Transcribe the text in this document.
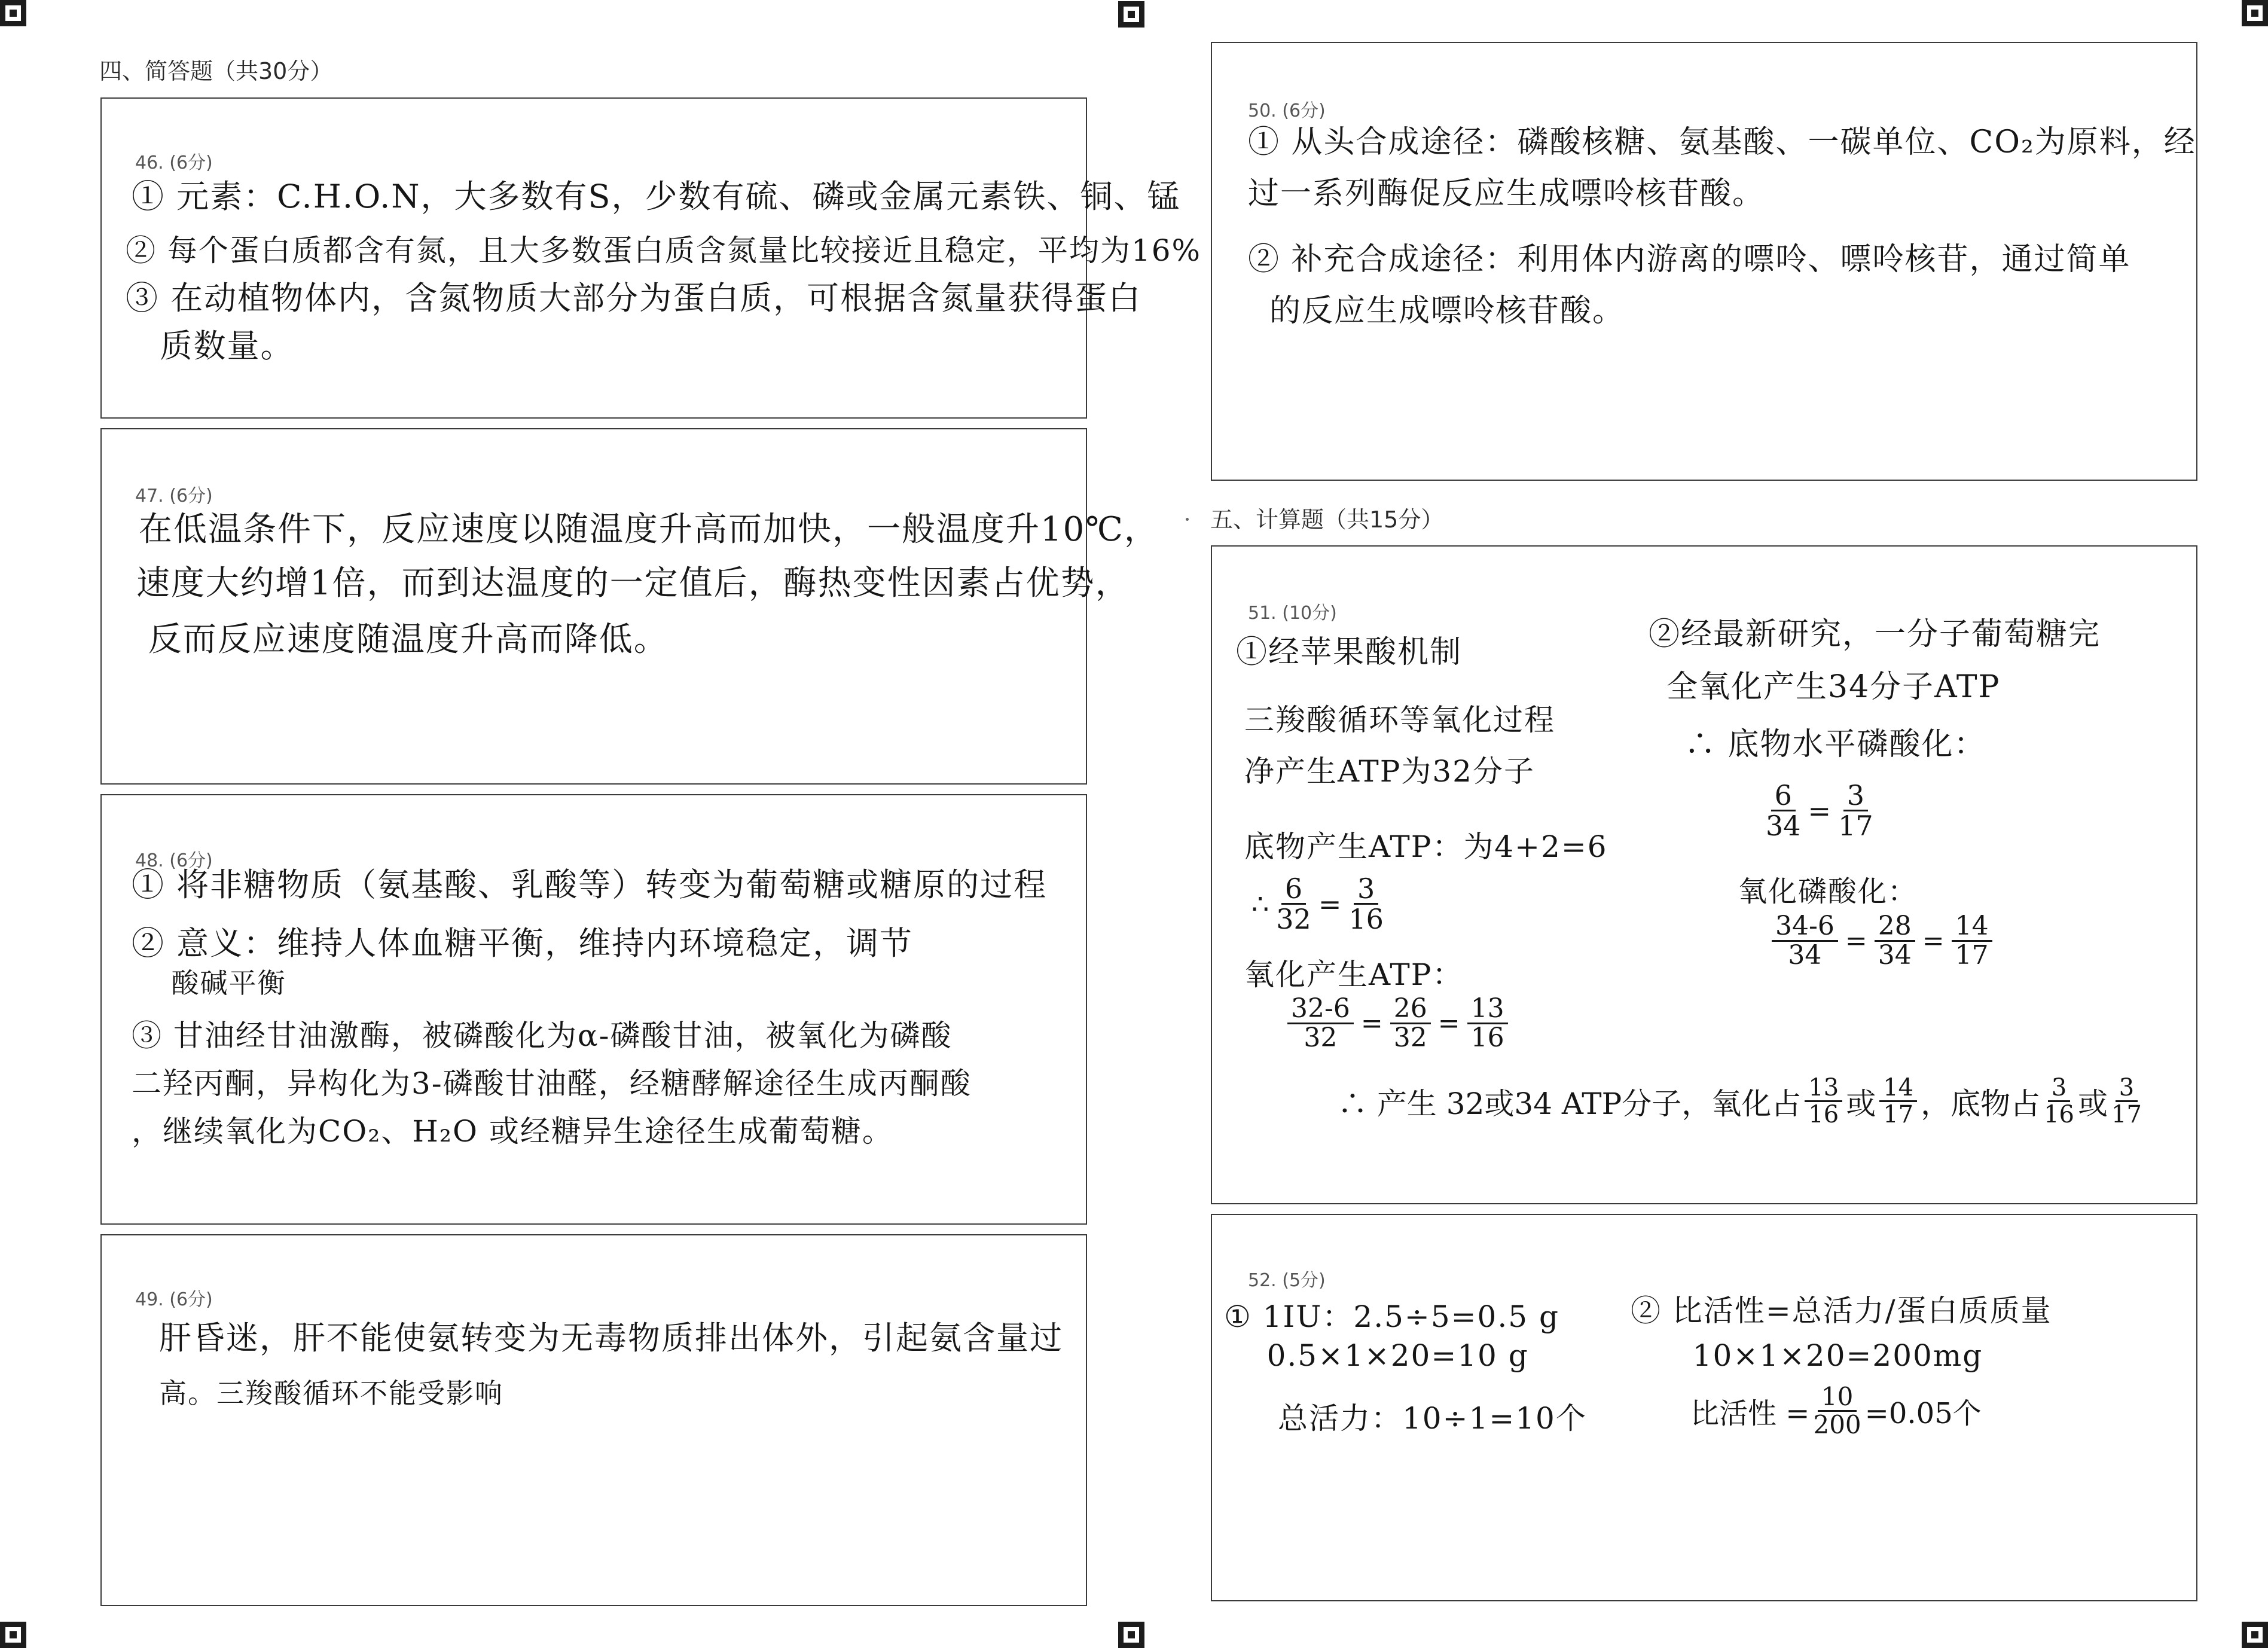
四、简答题（共30分）
五、计算题（共15分）
46. (6分)
① 元素：C.H.O.N，大多数有S，少数有硫、磷或金属元素铁、铜、锰
② 每个蛋白质都含有氮，且大多数蛋白质含氮量比较接近且稳定，平均为16%
③ 在动植物体内，含氮物质大部分为蛋白质，可根据含氮量获得蛋白
质数量。
47. (6分)
在低温条件下，反应速度以随温度升高而加快，一般温度升10℃，
速度大约增1倍，而到达温度的一定值后，酶热变性因素占优势，
反而反应速度随温度升高而降低。
48. (6分)
① 将非糖物质（氨基酸、乳酸等）转变为葡萄糖或糖原的过程
② 意义：维持人体血糖平衡，维持内环境稳定，调节
酸碱平衡
③ 甘油经甘油激酶，被磷酸化为α-磷酸甘油，被氧化为磷酸
二羟丙酮，异构化为3-磷酸甘油醛，经糖酵解途径生成丙酮酸
，继续氧化为CO₂、H₂O 或经糖异生途径生成葡萄糖。
49. (6分)
肝昏迷，肝不能使氨转变为无毒物质排出体外，引起氨含量过
高。三羧酸循环不能受影响
50. (6分)
① 从头合成途径：磷酸核糖、氨基酸、一碳单位、CO₂为原料，经
过一系列酶促反应生成嘌呤核苷酸。
② 补充合成途径：利用体内游离的嘌呤、嘌呤核苷，通过简单
的反应生成嘌呤核苷酸。
51. (10分)
①经苹果酸机制
三羧酸循环等氧化过程
净产生ATP为32分子
底物产生ATP：为4+2=6
∴ $\frac{6}{32} = \frac{3}{16}$
氧化产生ATP：
$\frac{32-6}{32} = \frac{26}{32} = \frac{13}{16}$
②经最新研究，一分子葡萄糖完
全氧化产生34分子ATP
∴ 底物水平磷酸化：
$\frac{6}{34} = \frac{3}{17}$
氧化磷酸化：
$\frac{34-6}{34} = \frac{28}{34} = \frac{14}{17}$
∴ 产生 32或34 ATP分子，氧化占 $\frac{13}{16}$ 或 $\frac{14}{17}$ ，底物占 $\frac{3}{16}$ 或 $\frac{3}{17}$
52. (5分)
① 1IU：2.5÷5=0.5 g
0.5×1×20=10 g
总活力：10÷1=10个
② 比活性=总活力/蛋白质质量
10×1×20=200mg
比活性 = $\frac{10}{200} =0.05$个
